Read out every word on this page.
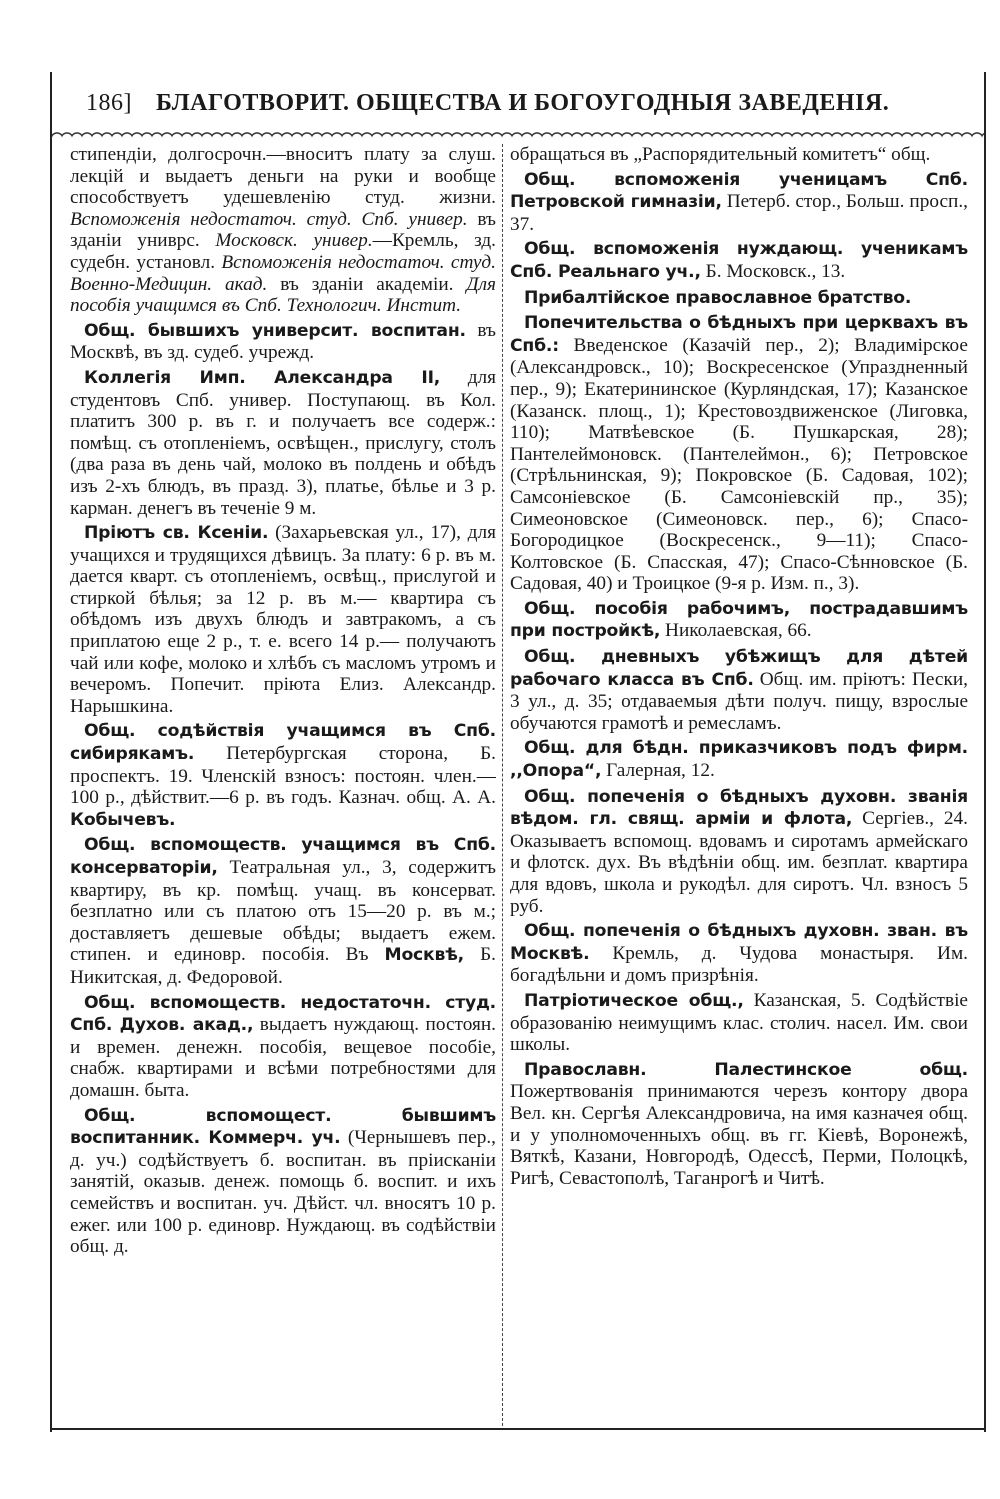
186] БЛАГОТВОРИТ. ОБЩЕСТВА И БОГОУГОДНЫЯ ЗАВЕДЕНІЯ.

стипендіи, долгосрочн.—вноситъ плату за слуш. лекцій и выдаетъ деньги на руки и вообще способствуетъ удешевленію студ. жизни. Вспоможенія недостаточ. студ. Спб. универ. въ зданіи униврс. Московск. универ.—Кремль, зд. судебн. установл. Вспоможенія недостаточ. студ. Военно-Медицин. акад. въ зданіи академіи. Для пособія учащимся въ Спб. Технологич. Инстит.

Общ. бывшихъ университ. воспитан. въ Москвѣ, въ зд. судеб. учрежд.

Коллегія Имп. Александра II, для студентовъ Спб. универ. Поступающ. въ Кол. платитъ 300 р. въ г. и получаетъ все содерж.: помѣщ. съ отопленіемъ, освѣщен., прислугу, столъ (два раза въ день чай, молоко въ полдень и обѣдъ изъ 2-хъ блюдъ, въ празд. 3), платье, бѣлье и 3 р. карман. денегъ въ теченіе 9 м.

Пріютъ св. Ксеніи. (Захарьевская ул., 17), для учащихся и трудящихся дѣвицъ. За плату: 6 р. въ м. дается кварт. съ отопленіемъ, освѣщ., прислугой и стиркой бѣлья; за 12 р. въ м.— квартира съ обѣдомъ изъ двухъ блюдъ и завтракомъ, а съ приплатою еще 2 р., т. е. всего 14 р.— получаютъ чай или кофе, молоко и хлѣбъ съ масломъ утромъ и вечеромъ. Попечит. пріюта Елиз. Александр. Нарышкина.

Общ. содѣйствія учащимся въ Спб. сибирякамъ. Петербургская сторона, Б. проспектъ. 19. Членскій взносъ: постоян. член.—100 р., дѣйствит.—6 р. въ годъ. Казнач. общ. А. А. Кобычевъ.

Общ. вспомоществ. учащимся въ Спб. консерваторіи, Театральная ул., 3, содержитъ квартиру, въ кр. помѣщ. учащ. въ консерват. безплатно или съ платою отъ 15—20 р. въ м.; доставляетъ дешевые обѣды; выдаетъ ежем. стипен. и единовр. пособія. Въ Москвѣ, Б. Никитская, д. Федоровой.

Общ. вспомоществ. недостаточн. студ. Спб. Духов. акад., выдаетъ нуждающ. постоян. и времен. денежн. пособія, вещевое пособіе, снабж. квартирами и всѣми потребностями для домашн. быта.

Общ. вспомощест. бывшимъ воспитанник. Коммерч. уч. (Чернышевъ пер., д. уч.) содѣйствуетъ б. воспитан. въ прiисканіи занятій, оказыв. денеж. помощь б. воспит. и ихъ семействъ и воспитан. уч. Дѣйст. чл. вносятъ 10 р. ежег. или 100 р. единовр. Нуждающ. въ содѣйствіи общ. д.

обращаться въ „Распорядительный комитетъ“ общ.

Общ. вспоможенія ученицамъ Спб. Петровской гимназіи, Петерб. стор., Больш. просп., 37.

Общ. вспоможенія нуждающ. ученикамъ Спб. Реальнаго уч., Б. Московск., 13.

Прибалтійское православное братство.

Попечительства о бѣдныхъ при церквахъ въ Спб.: Введенское (Казачій пер., 2); Владимірское (Александровск., 10); Воскресенское (Упраздненный пер., 9); Екатерининское (Курляндская, 17); Казанское (Казанск. площ., 1); Крестовоздвиженское (Лиговка, 110); Матвѣевское (Б. Пушкарская, 28); Пантелеймоновск. (Пантелеймон., 6); Петровское (Стрѣльнинская, 9); Покровское (Б. Садовая, 102); Самсоніевское (Б. Самсоніевскій пр., 35); Симеоновское (Симеоновск. пер., 6); Спасо-Богородицкое (Воскресенск., 9—11); Спасо-Колтовское (Б. Спасская, 47); Спасо-Сѣнновское (Б. Садовая, 40) и Троицкое (9-я р. Изм. п., 3).

Общ. пособія рабочимъ, пострадавшимъ при постройкѣ, Николаевская, 66.

Общ. дневныхъ убѣжищъ для дѣтей рабочаго класса въ Спб. Общ. им. пріютъ: Пески, 3 ул., д. 35; отдаваемыя дѣти получ. пищу, взрослые обучаются грамотѣ и ремесламъ.

Общ. для бѣдн. приказчиковъ подъ фирм. ,,Опора“, Галерная, 12.

Общ. попеченія о бѣдныхъ духовн. званія вѣдом. гл. свящ. арміи и флота, Сергіев., 24. Оказываетъ вспомощ. вдовамъ и сиротамъ армейскаго и флотск. дух. Въ вѣдѣніи общ. им. безплат. квартира для вдовъ, школа и рукодѣл. для сиротъ. Чл. взносъ 5 руб.

Общ. попеченія о бѣдныхъ духовн. зван. въ Москвѣ. Кремль, д. Чудова монастыря. Им. богадѣльни и домъ призрѣнія.

Патріотическое общ., Казанская, 5. Содѣйствіе образованію неимущимъ клас. столич. насел. Им. свои школы.

Православн. Палестинское общ. Пожертвованія принимаются черезъ контору двора Вел. кн. Сергѣя Александровича, на имя казначея общ. и у уполномоченныхъ общ. въ гг. Кіевѣ, Воронежѣ, Вяткѣ, Казани, Новгородѣ, Одессѣ, Перми, Полоцкѣ, Ригѣ, Севастополѣ, Таганрогѣ и Читѣ.
